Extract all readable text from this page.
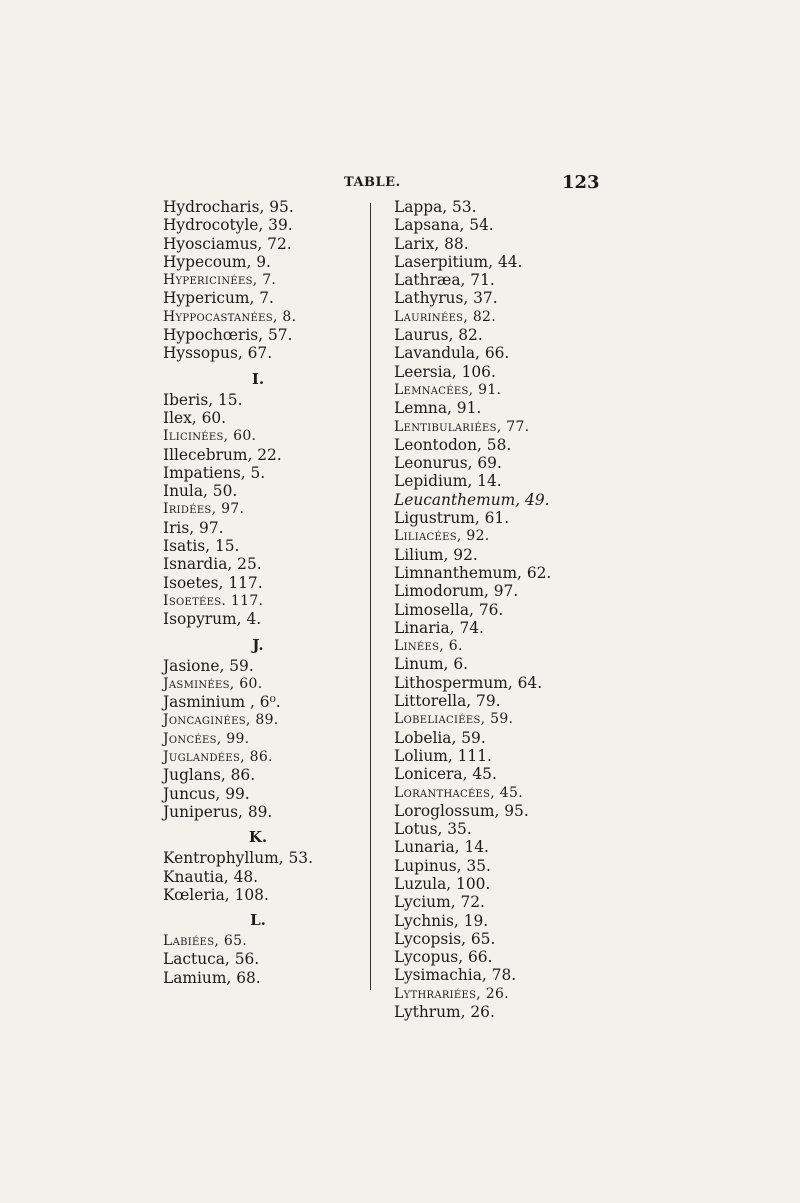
TABLE.	123
Hydrocharis, 95.
Hydrocotyle, 39.
Hyosciamus, 72.
Hypecoum, 9.
Hypericinées, 7.
Hypericum, 7.
Hyppocastanées, 8.
Hypochœris, 57.
Hyssopus, 67.
I.
Iberis, 15.
Ilex, 60.
Ilicinées, 60.
Illecebrum, 22.
Impatiens, 5.
Inula, 50.
Iridées, 97.
Iris, 97.
Isatis, 15.
Isnardia, 25.
Isoetes, 117.
Isoetées. 117.
Isopyrum, 4.
J.
Jasione, 59.
Jasminées, 60.
Jasminium , 6⁰.
Joncaginées, 89.
Joncées, 99.
Juglandées, 86.
Juglans, 86.
Juncus, 99.
Juniperus, 89.
K.
Kentrophyllum, 53.
Knautia, 48.
Kœleria, 108.
L.
Labiées, 65.
Lactuca, 56.
Lamium, 68.
Lappa, 53.
Lapsana, 54.
Larix, 88.
Laserpitium, 44.
Lathræa, 71.
Lathyrus, 37.
Laurinées, 82.
Laurus, 82.
Lavandula, 66.
Leersia, 106.
Lemnacées, 91.
Lemna, 91.
Lentibulariées, 77.
Leontodon, 58.
Leonurus, 69.
Lepidium, 14.
Leucanthemum, 49.
Ligustrum, 61.
Liliacées, 92.
Lilium, 92.
Limnanthemum, 62.
Limodorum, 97.
Limosella, 76.
Linaria, 74.
Linées, 6.
Linum, 6.
Lithospermum, 64.
Littorella, 79.
Lobeliaciées, 59.
Lobelia, 59.
Lolium, 111.
Lonicera, 45.
Loranthacées, 45.
Loroglossum, 95.
Lotus, 35.
Lunaria, 14.
Lupinus, 35.
Luzula, 100.
Lycium, 72.
Lychnis, 19.
Lycopsis, 65.
Lycopus, 66.
Lysimachia, 78.
Lythrariées, 26.
Lythrum, 26.
